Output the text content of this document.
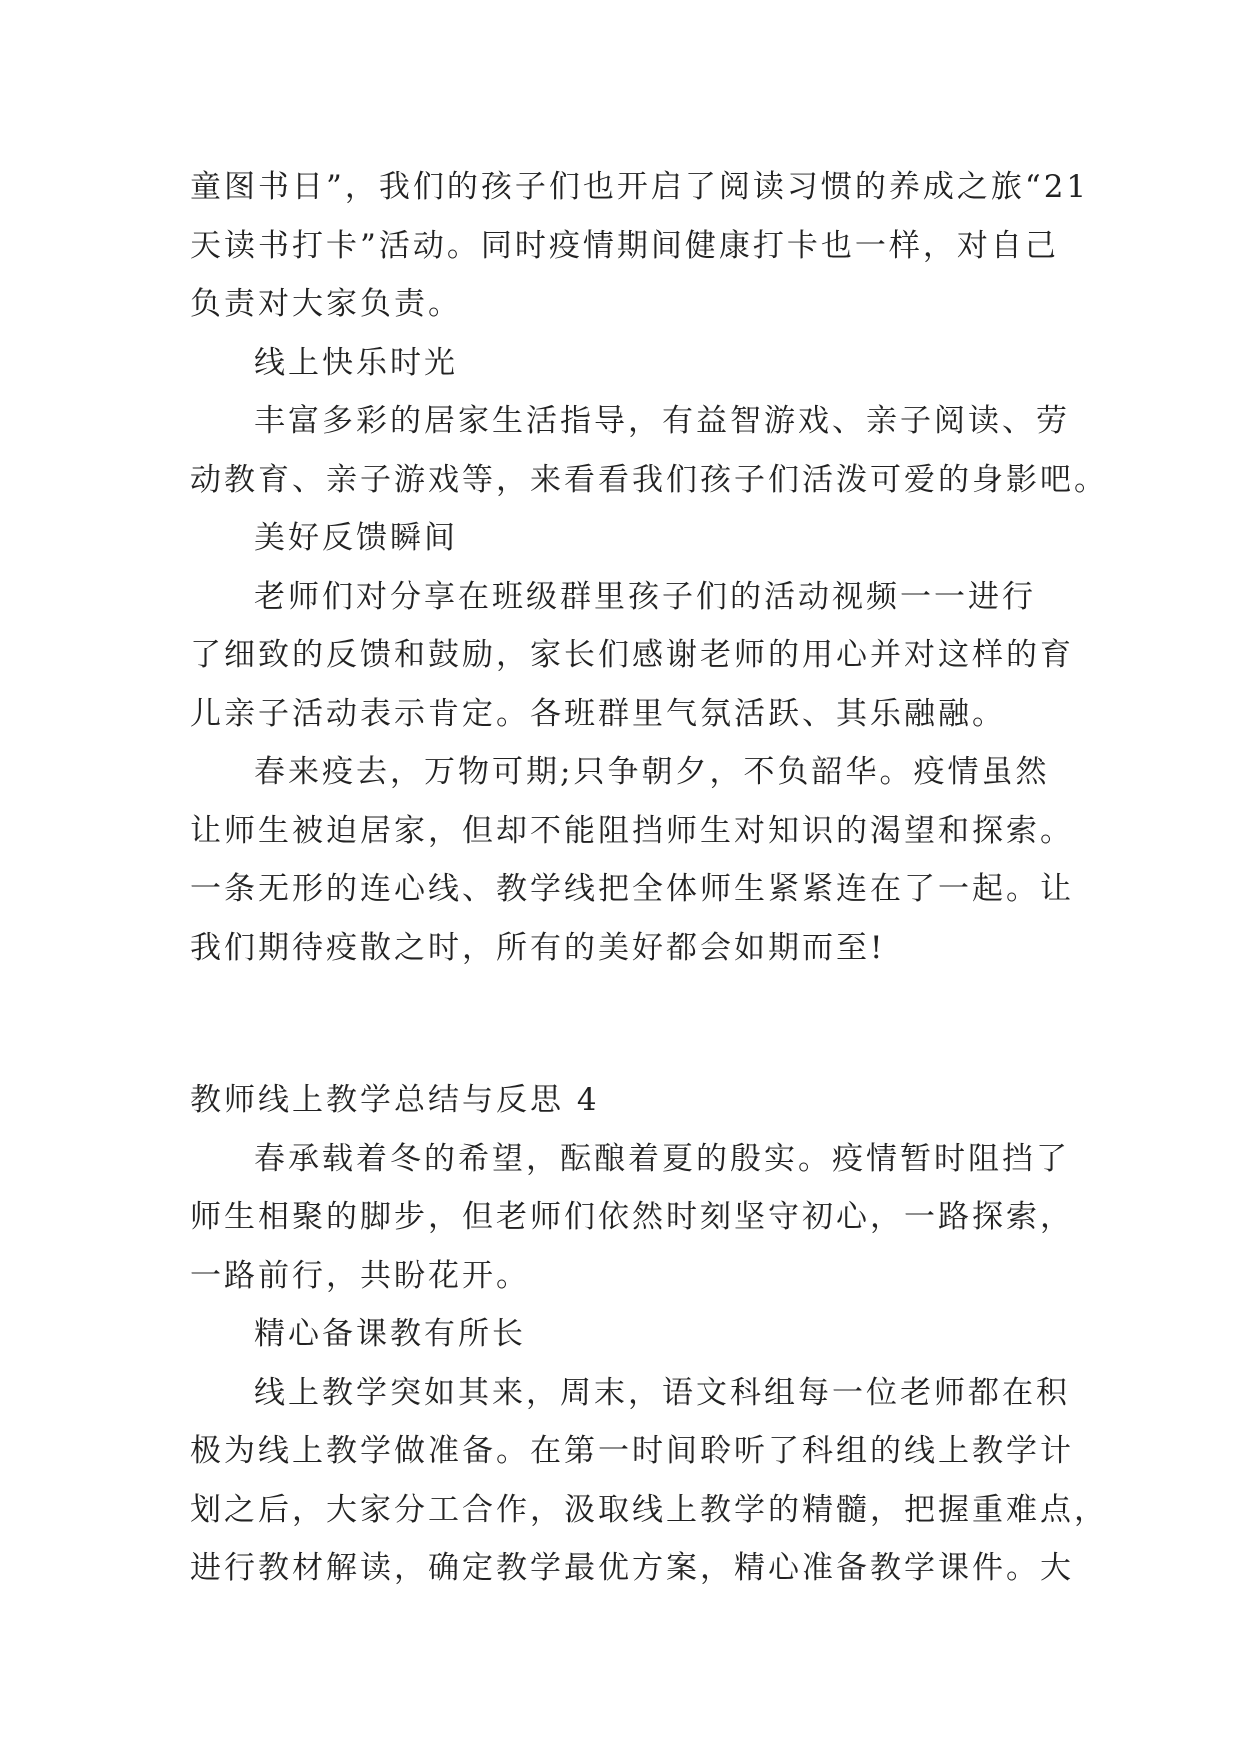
童图书日”，我们的孩子们也开启了阅读习惯的养成之旅“21

天读书打卡”活动。同时疫情期间健康打卡也一样，对自己

负责对大家负责。

线上快乐时光

丰富多彩的居家生活指导，有益智游戏、亲子阅读、劳

动教育、亲子游戏等，来看看我们孩子们活泼可爱的身影吧。

美好反馈瞬间

老师们对分享在班级群里孩子们的活动视频一一进行

了细致的反馈和鼓励，家长们感谢老师的用心并对这样的育

儿亲子活动表示肯定。各班群里气氛活跃、其乐融融。

春来疫去，万物可期;只争朝夕，不负韶华。疫情虽然

让师生被迫居家，但却不能阻挡师生对知识的渴望和探索。

一条无形的连心线、教学线把全体师生紧紧连在了一起。让

我们期待疫散之时，所有的美好都会如期而至!

教师线上教学总结与反思 4

春承载着冬的希望，酝酿着夏的殷实。疫情暂时阻挡了

师生相聚的脚步，但老师们依然时刻坚守初心，一路探索，

一路前行，共盼花开。

精心备课教有所长

线上教学突如其来，周末，语文科组每一位老师都在积

极为线上教学做准备。在第一时间聆听了科组的线上教学计

划之后，大家分工合作，汲取线上教学的精髓，把握重难点，

进行教材解读，确定教学最优方案，精心准备教学课件。大
